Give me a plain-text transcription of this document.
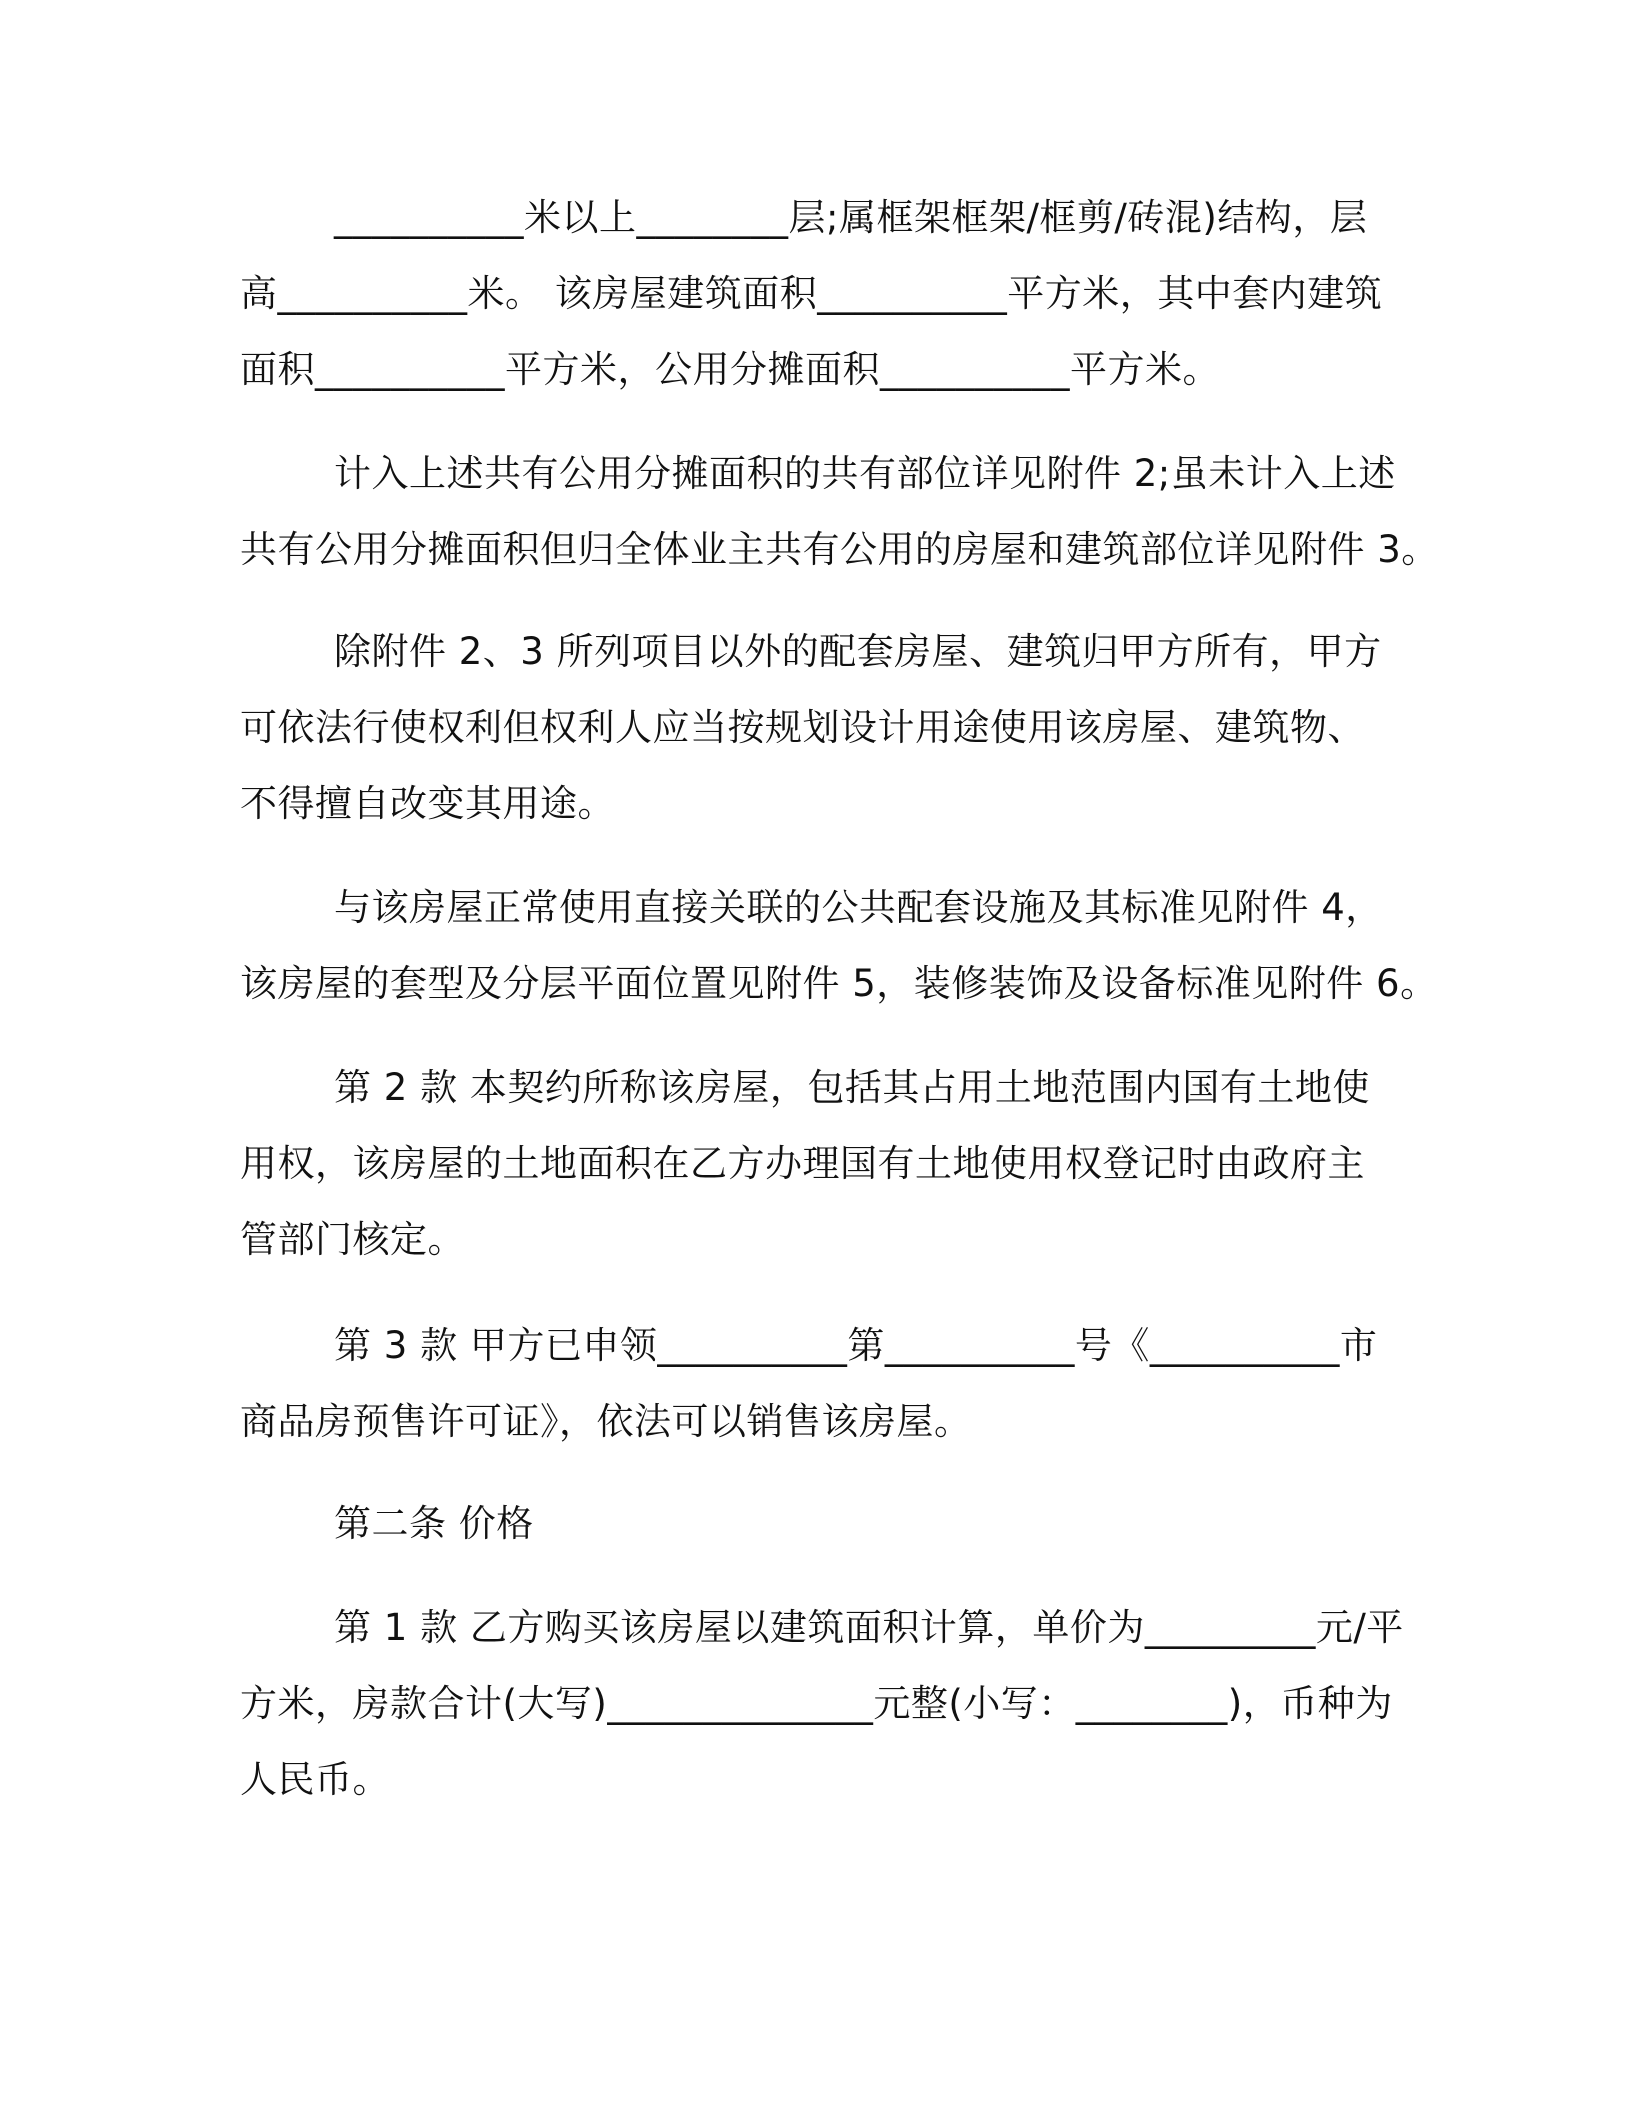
__________米以上________层;属框架框架/框剪/砖混)结构，层

高__________米。 该房屋建筑面积__________平方米，其中套内建筑

面积__________平方米，公用分摊面积__________平方米。

计入上述共有公用分摊面积的共有部位详见附件 2;虽未计入上述

共有公用分摊面积但归全体业主共有公用的房屋和建筑部位详见附件 3。

除附件 2、3 所列项目以外的配套房屋、建筑归甲方所有，甲方

可依法行使权利但权利人应当按规划设计用途使用该房屋、建筑物、

不得擅自改变其用途。

与该房屋正常使用直接关联的公共配套设施及其标准见附件 4，

该房屋的套型及分层平面位置见附件 5，装修装饰及设备标准见附件 6。

第 2 款 本契约所称该房屋，包括其占用土地范围内国有土地使

用权，该房屋的土地面积在乙方办理国有土地使用权登记时由政府主

管部门核定。

第 3 款 甲方已申领__________第__________号《__________市

商品房预售许可证》，依法可以销售该房屋。

第二条 价格

第 1 款 乙方购买该房屋以建筑面积计算，单价为_________元/平

方米，房款合计(大写)______________元整(小写：________)，币种为

人民币。
